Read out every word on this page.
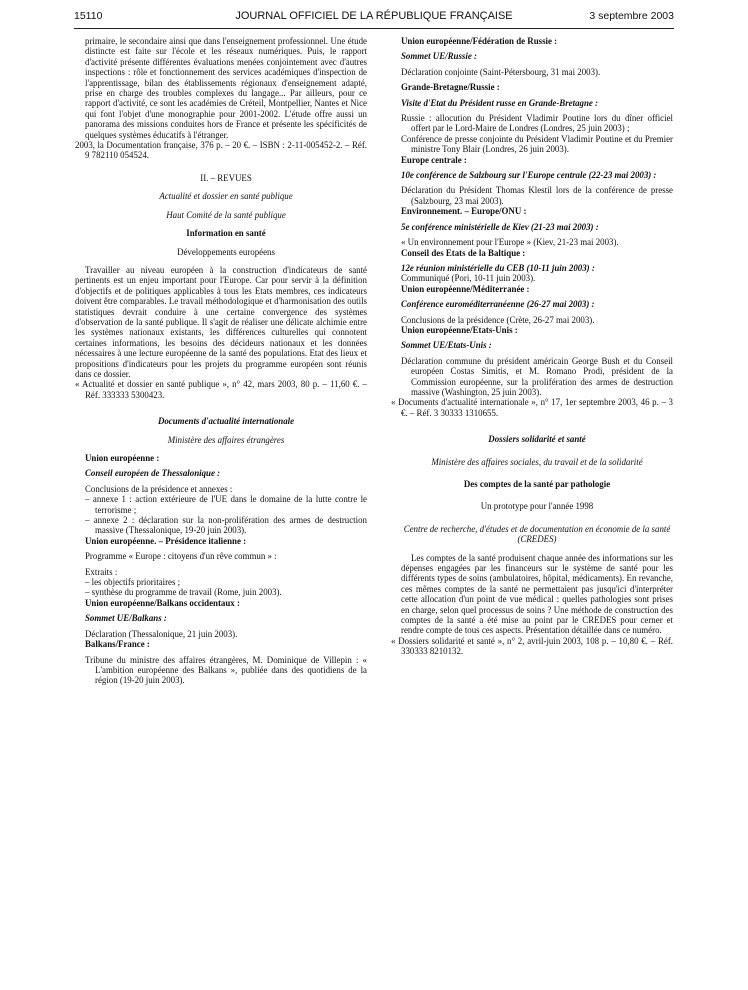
15110	JOURNAL OFFICIEL DE LA RÉPUBLIQUE FRANÇAISE	3 septembre 2003

primaire, le secondaire ainsi que dans l'enseignement professionnel. Une étude distincte est faite sur l'école et les réseaux numériques. Puis, le rapport d'activité présente différentes évaluations menées conjointement avec d'autres inspections : rôle et fonctionnement des services académiques d'inspection de l'apprentissage, bilan des établissements régionaux d'enseignement adapté, prise en charge des troubles complexes du langage... Par ailleurs, pour ce rapport d'activité, ce sont les académies de Créteil, Montpellier, Nantes et Nice qui font l'objet d'une monographie pour 2001-2002. L'étude offre aussi un panorama des missions conduites hors de France et présente les spécificités de quelques systèmes éducatifs à l'étranger.

2003, la Documentation française, 376 p. – 20 €. – ISBN : 2-11-005452-2. – Réf. 9 782110 054524.

II. – REVUES

Actualité et dossier en santé publique

Haut Comité de la santé publique

Information en santé

Développements européens

Travailler au niveau européen à la construction d'indicateurs de santé pertinents est un enjeu important pour l'Europe. Car pour servir à la définition d'objectifs et de politiques applicables à tous les Etats membres, ces indicateurs doivent être comparables. Le travail méthodologique et d'harmonisation des outils statistiques devrait conduire à une certaine convergence des systèmes d'observation de la santé publique. Il s'agit de réaliser une délicate alchimie entre les systèmes nationaux existants, les différences culturelles qui connotent certaines informations, les besoins des décideurs nationaux et les données nécessaires à une lecture européenne de la santé des populations. Etat des lieux et propositions d'indicateurs pour les projets du programme européen sont réunis dans ce dossier.

« Actualité et dossier en santé publique », n° 42, mars 2003, 80 p. – 11,60 €. – Réf. 333333 5300423.

Documents d'actualité internationale

Ministère des affaires étrangères

Union européenne :

Conseil européen de Thessalonique :

Conclusions de la présidence et annexes :

– annexe 1 : action extérieure de l'UE dans le domaine de la lutte contre le terrorisme ;

– annexe 2 : déclaration sur la non-prolifération des armes de destruction massive (Thessalonique, 19-20 juin 2003).

Union européenne. – Présidence italienne :

Programme « Europe : citoyens d'un rêve commun » :

Extraits :

– les objectifs prioritaires ;

– synthèse du programme de travail (Rome, juin 2003).

Union européenne/Balkans occidentaux :

Sommet UE/Balkans :

Déclaration (Thessalonique, 21 juin 2003).

Balkans/France :

Tribune du ministre des affaires étrangères, M. Dominique de Villepin : « L'ambition européenne des Balkans », publiée dans des quotidiens de la région (19-20 juin 2003).

Union européenne/Fédération de Russie :

Sommet UE/Russie :

Déclaration conjointe (Saint-Pétersbourg, 31 mai 2003).

Grande-Bretagne/Russie :

Visite d'Etat du Président russe en Grande-Bretagne :

Russie : allocution du Président Vladimir Poutine lors du dîner officiel offert par le Lord-Maire de Londres (Londres, 25 juin 2003) ;

Conférence de presse conjointe du Président Vladimir Poutine et du Premier ministre Tony Blair (Londres, 26 juin 2003).

Europe centrale :

10e conférence de Salzbourg sur l'Europe centrale (22-23 mai 2003) :

Déclaration du Président Thomas Klestil lors de la conférence de presse (Salzbourg, 23 mai 2003).

Environnement. – Europe/ONU :

5e conférence ministérielle de Kiev (21-23 mai 2003) :

« Un environnement pour l'Europe » (Kiev, 21-23 mai 2003).

Conseil des Etats de la Baltique :

12e réunion ministérielle du CEB (10-11 juin 2003) :

Communiqué (Pori, 10-11 juin 2003).

Union européenne/Méditerranée :

Conférence euroméditerranéenne (26-27 mai 2003) :

Conclusions de la présidence (Crète, 26-27 mai 2003).

Union européenne/Etats-Unis :

Sommet UE/Etats-Unis :

Déclaration commune du président américain George Bush et du Conseil européen Costas Simitis, et M. Romano Prodi, président de la Commission européenne, sur la prolifération des armes de destruction massive (Washington, 25 juin 2003).

« Documents d'actualité internationale », n° 17, 1er septembre 2003, 46 p. – 3 €. – Réf. 3 30333 1310655.

Dossiers solidarité et santé

Ministère des affaires sociales, du travail et de la solidarité

Des comptes de la santé par pathologie

Un prototype pour l'année 1998

Centre de recherche, d'études et de documentation en économie de la santé (CREDES)

Les comptes de la santé produisent chaque année des informations sur les dépenses engagées par les financeurs sur le système de santé pour les différents types de soins (ambulatoires, hôpital, médicaments). En revanche, ces mêmes comptes de la santé ne permettaient pas jusqu'ici d'interpréter cette allocation d'un point de vue médical : quelles pathologies sont prises en charge, selon quel processus de soins ? Une méthode de construction des comptes de la santé a été mise au point par le CREDES pour cerner et rendre compte de tous ces aspects. Présentation détaillée dans ce numéro.

« Dossiers solidarité et santé », n° 2, avril-juin 2003, 108 p. – 10,80 €. – Réf. 330333 8210132.
